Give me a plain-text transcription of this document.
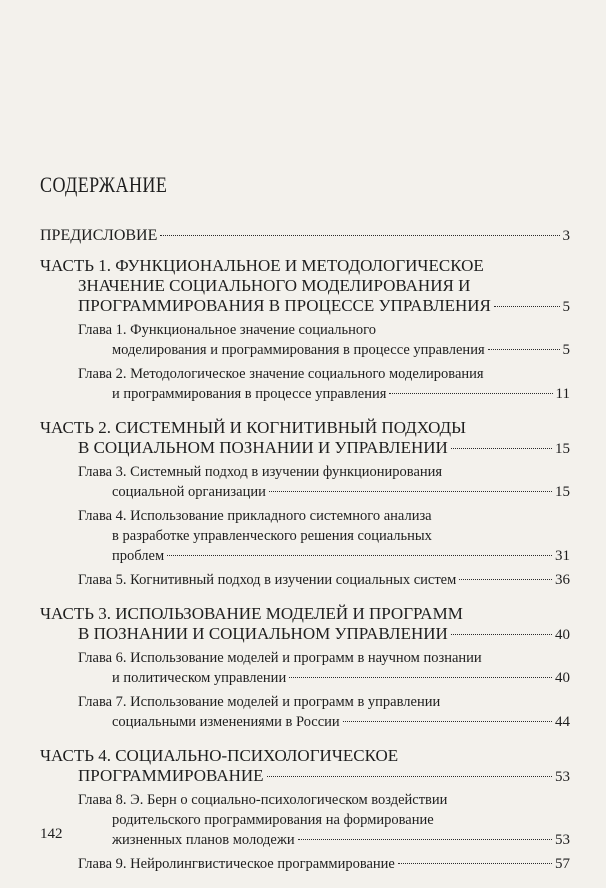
СОДЕРЖАНИЕ
ПРЕДИСЛОВИЕ	3
ЧАСТЬ 1. ФУНКЦИОНАЛЬНОЕ И МЕТОДОЛОГИЧЕСКОЕ
ЗНАЧЕНИЕ СОЦИАЛЬНОГО МОДЕЛИРОВАНИЯ И
ПРОГРАММИРОВАНИЯ В ПРОЦЕССЕ УПРАВЛЕНИЯ	5
Глава 1. Функциональное значение социального
моделирования и программирования в процессе управления	5
Глава 2. Методологическое значение социального моделирования
и программирования в процессе управления	11
ЧАСТЬ 2. СИСТЕМНЫЙ И КОГНИТИВНЫЙ ПОДХОДЫ
В СОЦИАЛЬНОМ ПОЗНАНИИ И УПРАВЛЕНИИ	15
Глава 3. Системный подход в изучении функционирования
социальной организации	15
Глава 4. Использование прикладного системного анализа
в разработке управленческого решения социальных
проблем	31
Глава 5. Когнитивный подход в изучении социальных систем	36
ЧАСТЬ 3. ИСПОЛЬЗОВАНИЕ МОДЕЛЕЙ И ПРОГРАММ
В ПОЗНАНИИ И СОЦИАЛЬНОМ УПРАВЛЕНИИ	40
Глава 6. Использование моделей и программ в научном познании
и политическом управлении	40
Глава 7. Использование моделей и программ в управлении
социальными изменениями в России	44
ЧАСТЬ 4. СОЦИАЛЬНО-ПСИХОЛОГИЧЕСКОЕ
ПРОГРАММИРОВАНИЕ	53
Глава 8. Э. Берн о социально-психологическом воздействии
родительского программирования на формирование
жизненных планов молодежи	53
Глава 9. Нейролингвистическое программирование	57
142
